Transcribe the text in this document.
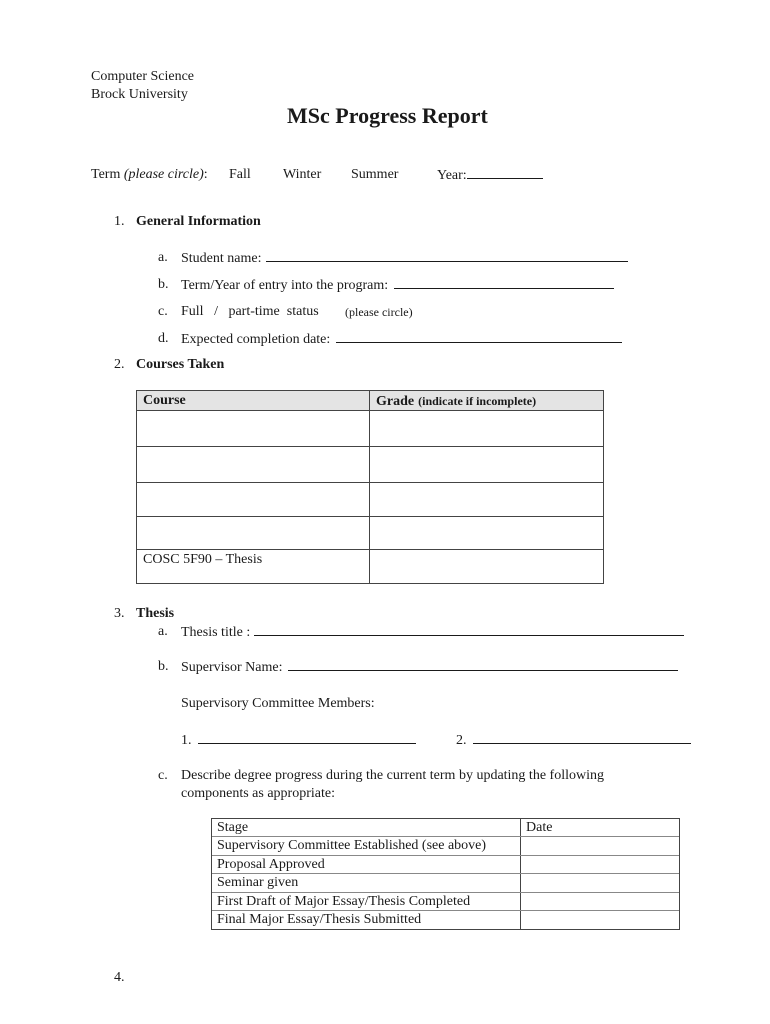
Computer Science
Brock University
MSc Progress Report
Term (please circle): Fall Winter Summer	Year:
1. General Information
a. Student name:
b. Term/Year of entry into the program:
c. Full   /   part-time  status (please circle)
d. Expected completion date:
2. Courses Taken
Course	Grade (indicate if incomplete)
COSC 5F90 – Thesis
3. Thesis
a. Thesis title :
b. Supervisor Name:
Supervisory Committee Members:
1.	2.
c. Describe degree progress during the current term by updating the following
components as appropriate:
Stage	Date
Supervisory Committee Established (see above)
Proposal Approved
Seminar given
First Draft of Major Essay/Thesis Completed
Final Major Essay/Thesis Submitted
4.
